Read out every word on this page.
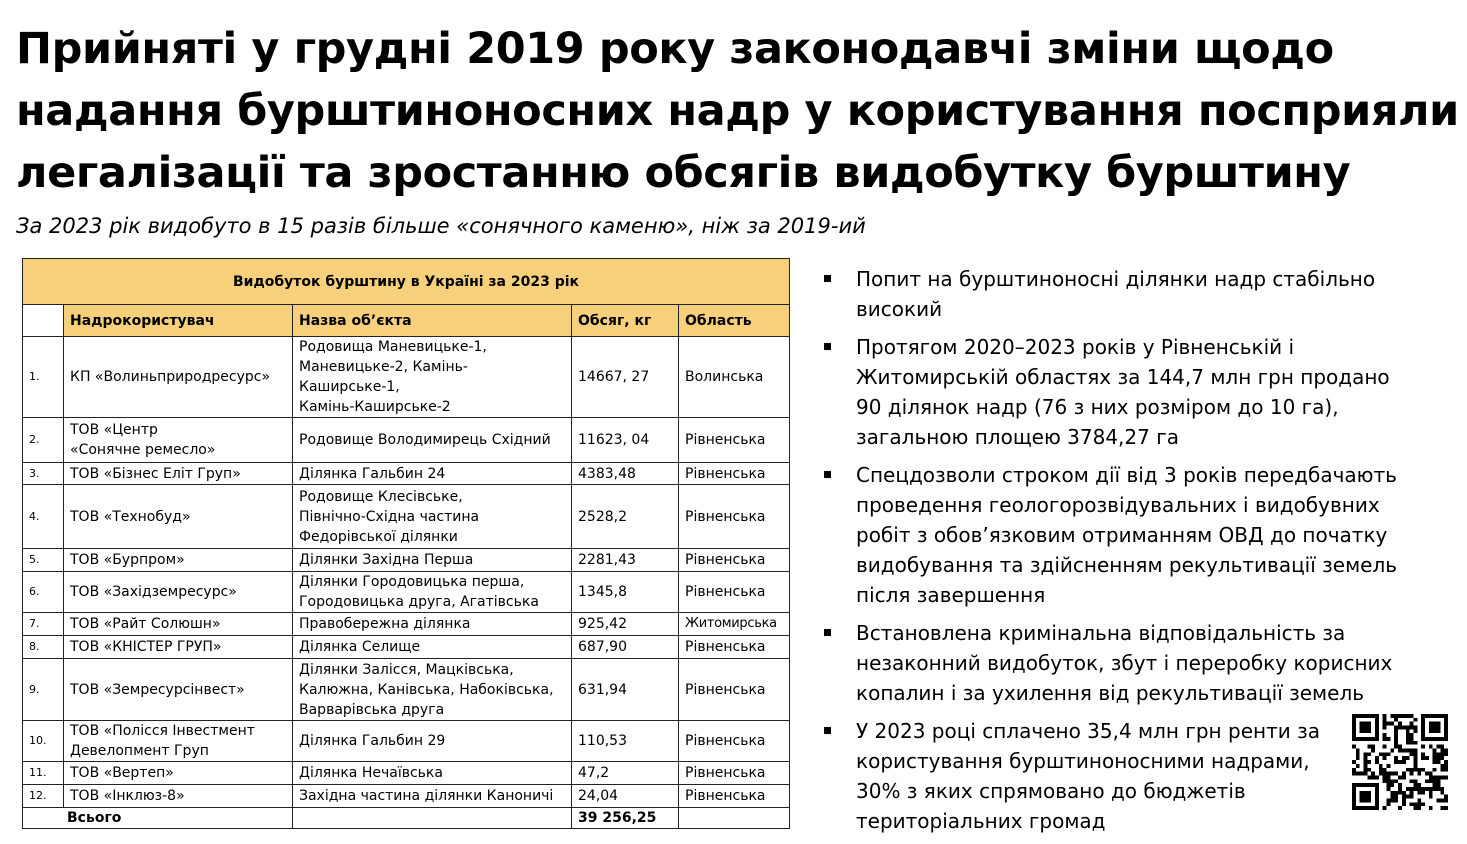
Прийняті у грудні 2019 року законодавчі зміни щодо
надання бурштиноносних надр у користування посприяли
легалізації та зростанню обсягів видобутку бурштину
За 2023 рік видобуто в 15 разів більше «сонячного каменю», ніж за 2019-ий
Видобуток бурштину в Україні за 2023 рік				
	Надрокористувач	Назва об’єкта	Обсяг, кг	Область
1.	КП «Волиньприродресурс»	Родовища Маневицьке-1,
Маневицьке-2, Камінь-Каширське-1,
Камінь-Каширське-2	14667, 27	Волинська
2.	ТОВ «Центр
«Сонячне ремесло»	Родовище Володимирець Східний	11623, 04	Рівненська
3.	ТОВ «Бізнес Еліт Груп»	Ділянка Гальбин 24	4383,48	Рівненська
4.	ТОВ «Технобуд»	Родовище Клесівське,
Північно-Східна частина
Федорівської ділянки	2528,2	Рівненська
5.	ТОВ «Бурпром»	Ділянки Західна Перша	2281,43	Рівненська
6.	ТОВ «Західземресурс»	Ділянки Городовицька перша,
Городовицька друга, Агатівська	1345,8	Рівненська
7.	ТОВ «Райт Солюшн»	Правобережна ділянка	925,42	Житомирська
8.	ТОВ «КНІСТЕР ГРУП»	Ділянка Селище	687,90	Рівненська
9.	ТОВ «Земресурсінвест»	Ділянки Залісся, Мацківська,
Калюжна, Канівська, Набоківська,
Варварівська друга	631,94	Рівненська
10.	ТОВ «Полісся Інвестмент
Девелопмент Груп	Ділянка Гальбин 29	110,53	Рівненська
11.	ТОВ «Вертеп»	Ділянка Нечаївська	47,2	Рівненська
12.	ТОВ «Інклюз-8»	Західна частина ділянки Каноничі	24,04	Рівненська
Всього			39 256,25	
Попит на бурштиноносні ділянки надр стабільно
високий
Протягом 2020–2023 років у Рівненській і
Житомирській областях за 144,7 млн грн продано
90 ділянок надр (76 з них розміром до 10 га),
загальною площею 3784,27 га
Спецдозволи строком дії від 3 років передбачають
проведення геологорозвідувальних і видобувних
робіт з обов’язковим отриманням ОВД до початку
видобування та здійсненням рекультивації земель
після завершення
Встановлена кримінальна відповідальність за
незаконний видобуток, збут і переробку корисних
копалин і за ухилення від рекультивації земель
У 2023 році сплачено 35,4 млн грн ренти за
користування бурштиноносними надрами,
30% з яких спрямовано до бюджетів
територіальних громад
